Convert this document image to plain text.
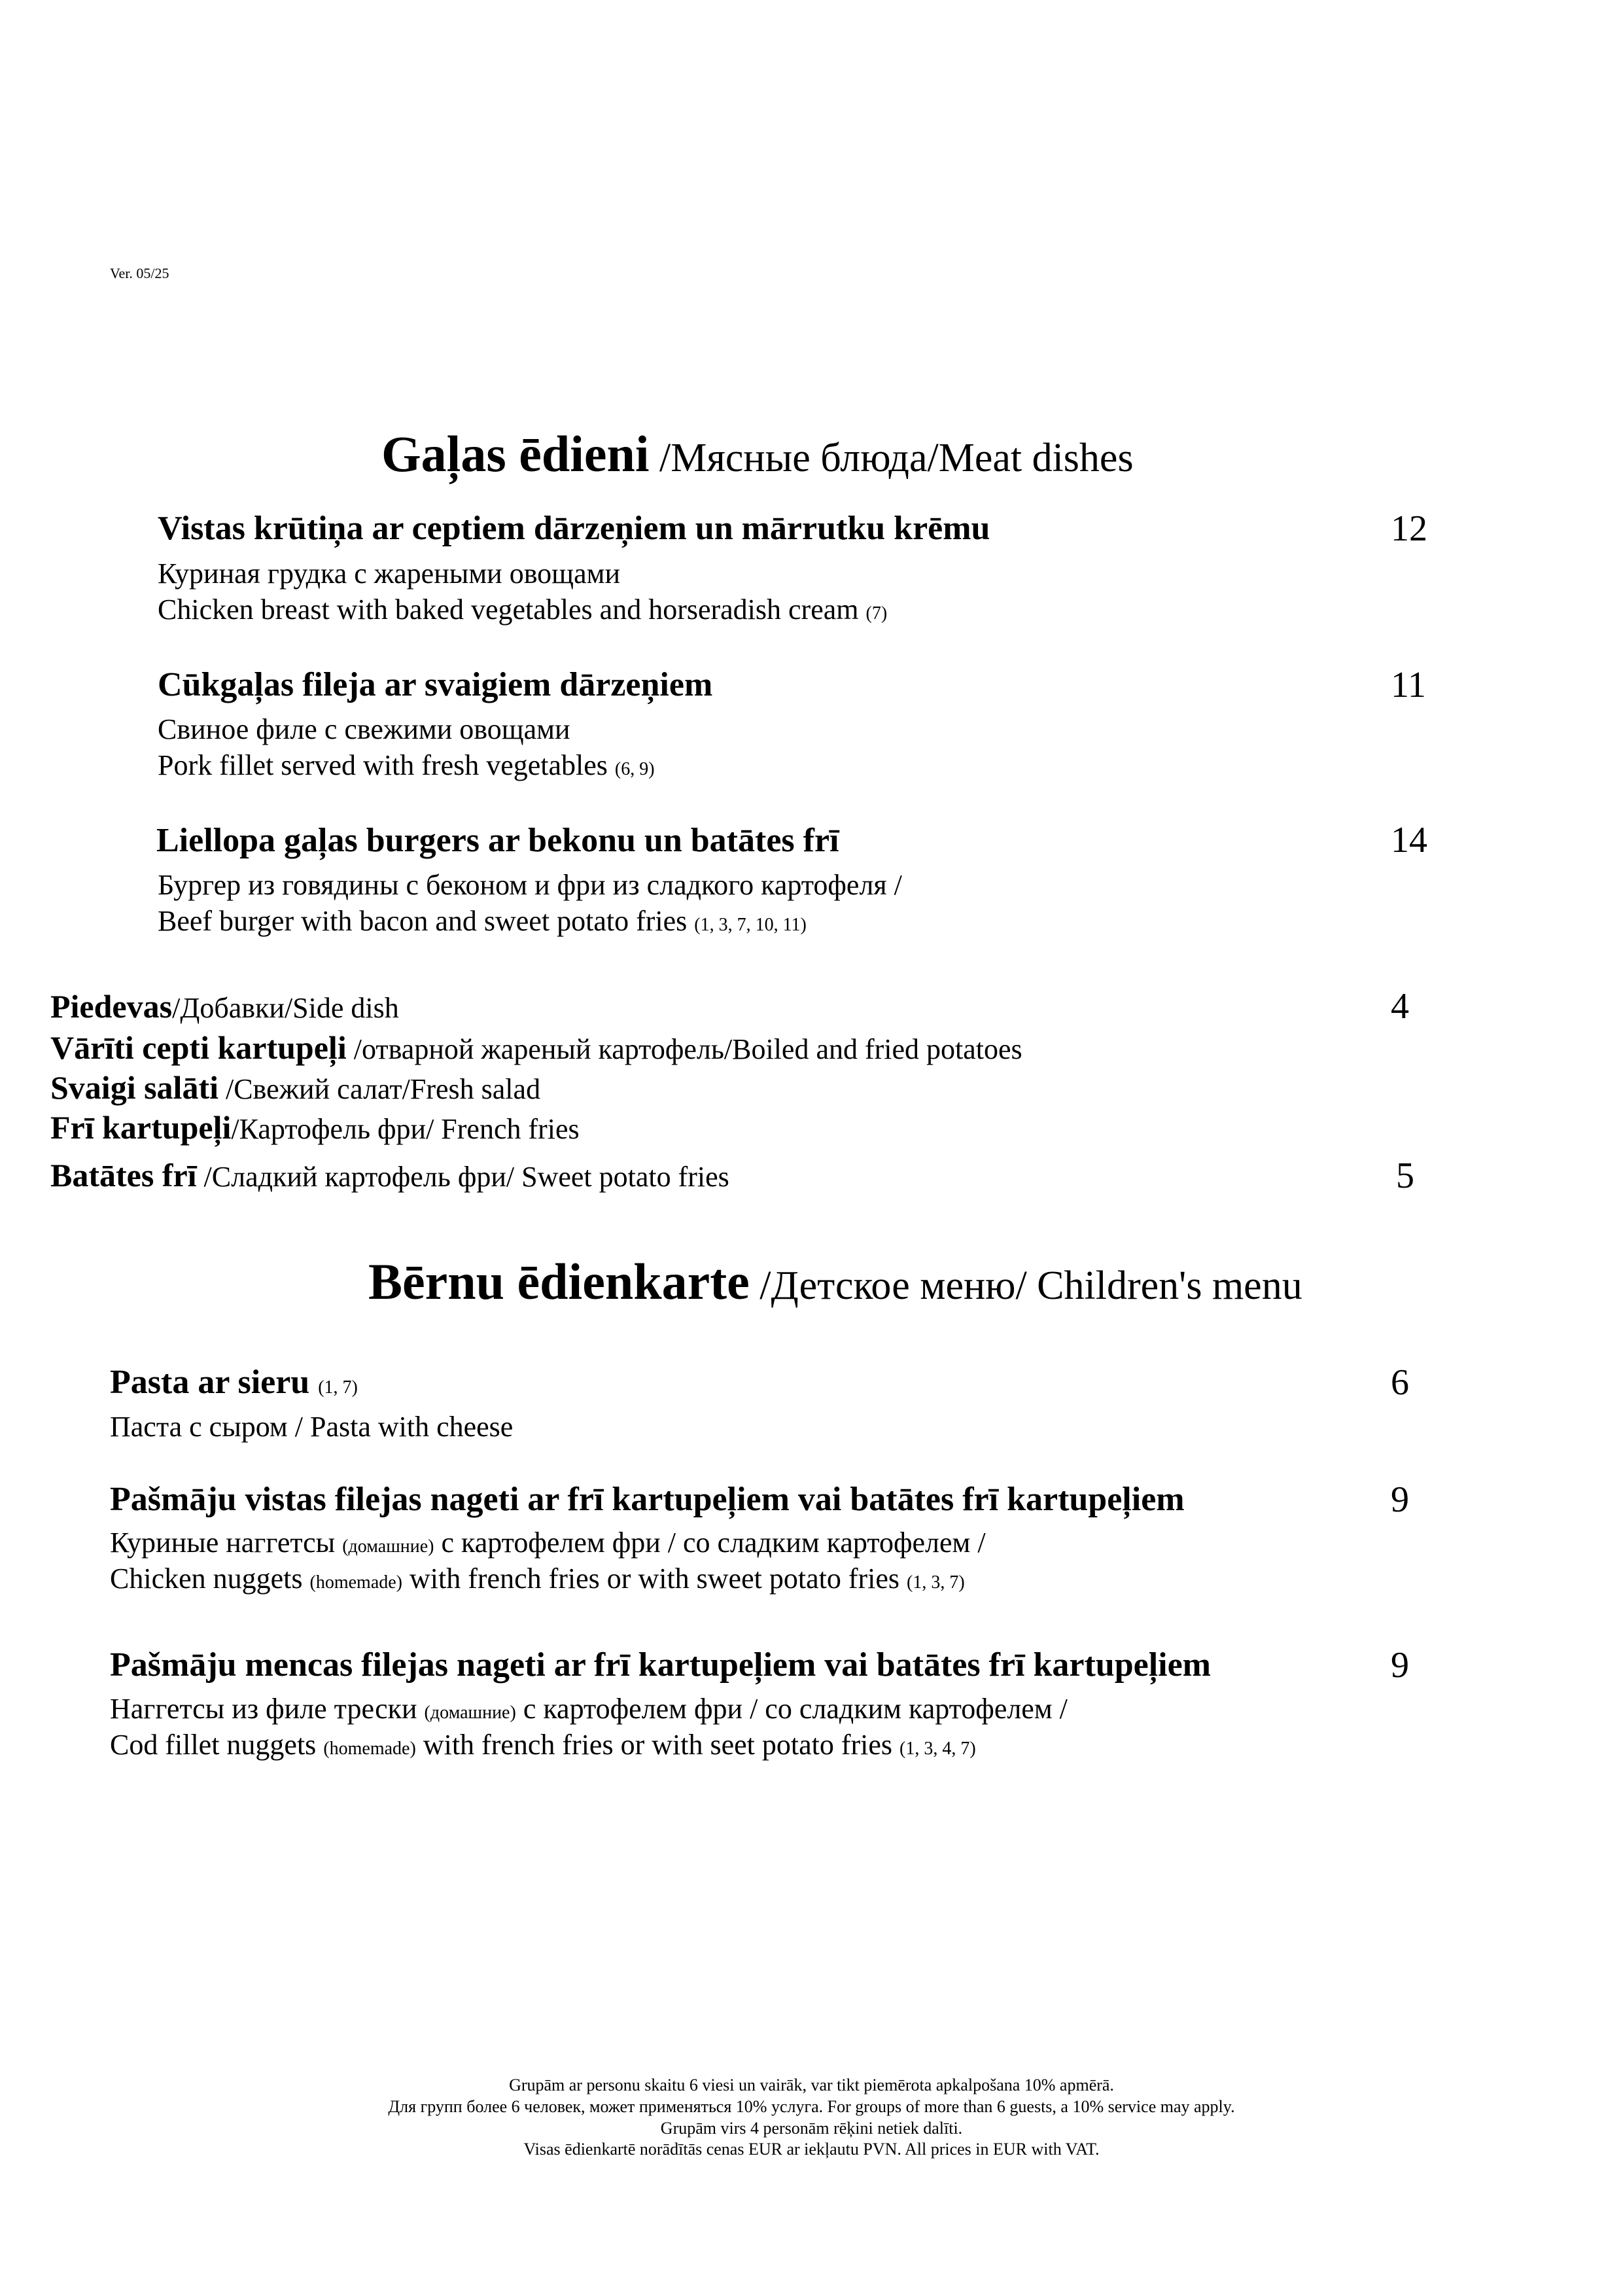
Ver. 05/25
Gaļas ēdieni /Мясные блюда/Meat dishes
Vistas krūtiņa ar ceptiem dārzeņiem un mārrutku krēmu	12
Куриная грудка с жареными овощами
Chicken breast with baked vegetables and horseradish cream (7)
Cūkgaļas fileja ar svaigiem dārzeņiem	11
Свиное филе с свежими овощами
Pork fillet served with fresh vegetables (6, 9)
Liellopa gaļas burgers ar bekonu un batātes frī	14
Бургер из говядины с беконом и фри из сладкого картофеля /
Beef burger with bacon and sweet potato fries (1, 3, 7, 10, 11)
Piedevas/Добавки/Side dish	4
Vārīti cepti kartupeļi /отварной жареный картофель/Boiled and fried potatoes
Svaigi salāti /Свежий салат/Fresh salad
Frī kartupeļi/Картофель фри/ French fries
Batātes frī /Сладкий картофель фри/ Sweet potato fries	5
Bērnu ēdienkarte /Детское меню/ Children's menu
Pasta ar sieru (1, 7)	6
Паста с сыром / Pasta with cheese
Pašmāju vistas filejas nageti ar frī kartupeļiem vai batātes frī kartupeļiem	9
Куриные наггетсы (домашние) с картофелем фри / со сладким картофелем /
Chicken nuggets (homemade) with french fries or with sweet potato fries (1, 3, 7)
Pašmāju mencas filejas nageti ar frī kartupeļiem vai batātes frī kartupeļiem	9
Наггетсы из филе трески (домашние) с картофелем фри / со сладким картофелем /
Cod fillet nuggets (homemade) with french fries or with seet potato fries (1, 3, 4, 7)
Grupām ar personu skaitu 6 viesi un vairāk, var tikt piemērota apkalpošana 10% apmērā.
Для групп более 6 человек, может применяться 10% услуга. For groups of more than 6 guests, a 10% service may apply.
Grupām virs 4 personām rēķini netiek dalīti.
Visas ēdienkartē norādītās cenas EUR ar iekļautu PVN. All prices in EUR with VAT.
